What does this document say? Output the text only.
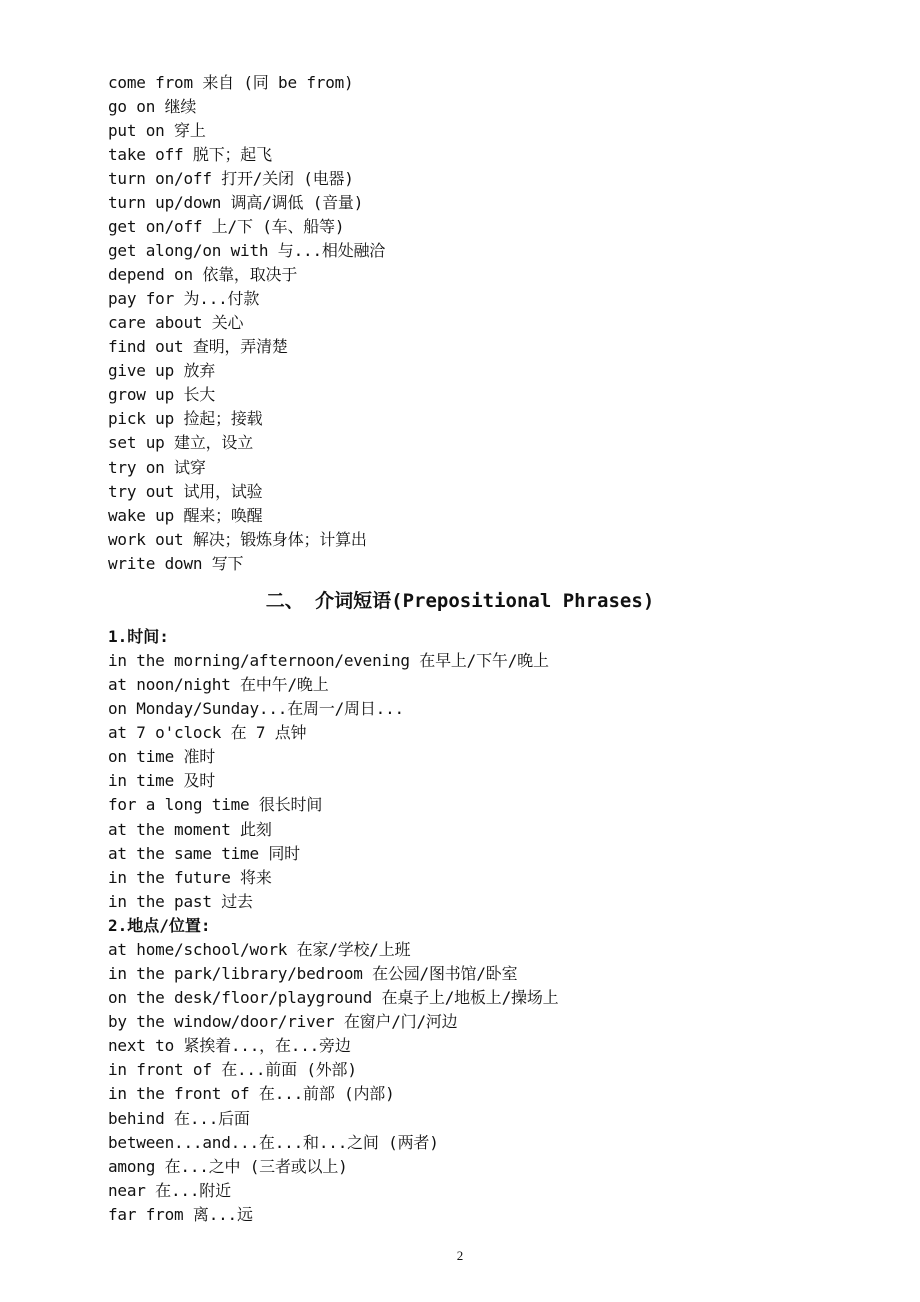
come from 来自 (同 be from)
go on 继续
put on 穿上
take off 脱下；起飞
turn on/off 打开/关闭 (电器)
turn up/down 调高/调低 (音量)
get on/off 上/下 (车、船等)
get along/on with 与...相处融洽
depend on 依靠，取决于
pay for 为...付款
care about 关心
find out 查明，弄清楚
give up 放弃
grow up 长大
pick up 捡起；接载
set up 建立，设立
try on 试穿
try out 试用，试验
wake up 醒来；唤醒
work out 解决；锻炼身体；计算出
write down 写下
二、 介词短语(Prepositional Phrases)
1.时间:
in the morning/afternoon/evening 在早上/下午/晚上
at noon/night 在中午/晚上
on Monday/Sunday...在周一/周日...
at 7 o'clock 在 7 点钟
on time 准时
in time 及时
for a long time 很长时间
at the moment 此刻
at the same time 同时
in the future 将来
in the past 过去
2.地点/位置:
at home/school/work 在家/学校/上班
in the park/library/bedroom 在公园/图书馆/卧室
on the desk/floor/playground 在桌子上/地板上/操场上
by the window/door/river 在窗户/门/河边
next to 紧挨着...，在...旁边
in front of 在...前面 (外部)
in the front of 在...前部 (内部)
behind 在...后面
between...and...在...和...之间 (两者)
among 在...之中 (三者或以上)
near 在...附近
far from 离...远
2
